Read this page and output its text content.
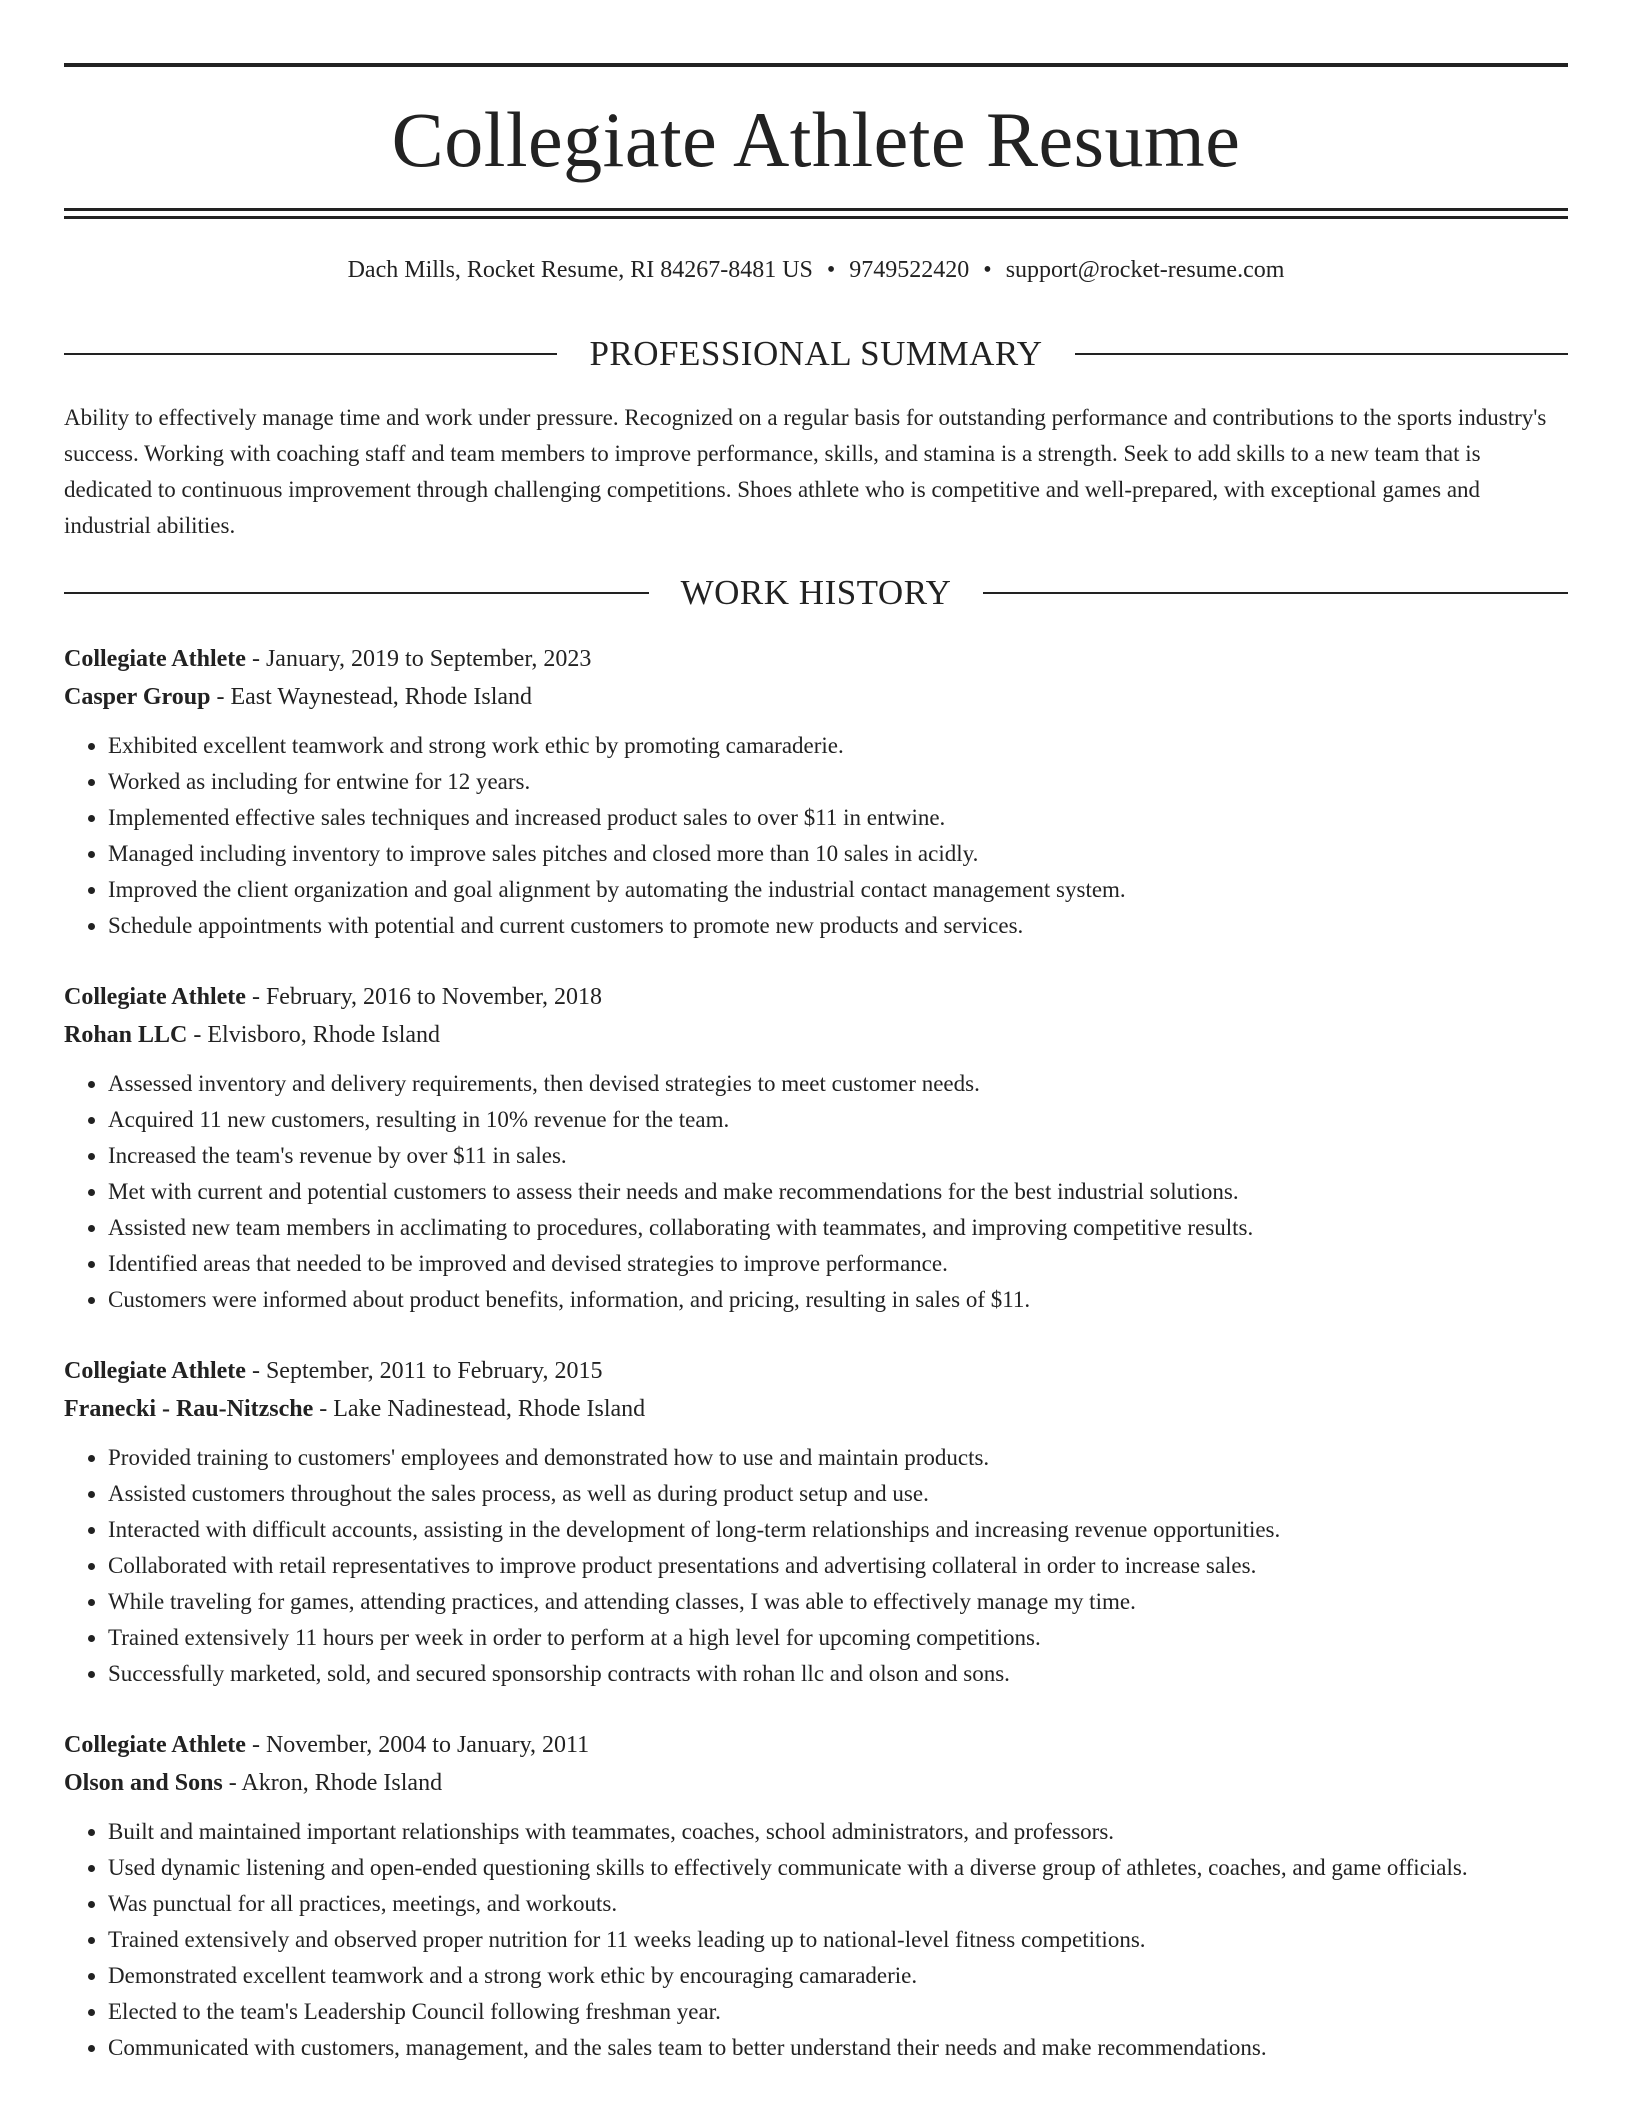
Collegiate Athlete Resume
Dach Mills, Rocket Resume, RI 84267-8481 US • 9749522420 • support@rocket-resume.com
PROFESSIONAL SUMMARY

Ability to effectively manage time and work under pressure. Recognized on a regular basis for outstanding performance and contributions to the sports industry's success. Working with coaching staff and team members to improve performance, skills, and stamina is a strength. Seek to add skills to a new team that is dedicated to continuous improvement through challenging competitions. Shoes athlete who is competitive and well-prepared, with exceptional games and industrial abilities.

WORK HISTORY

Collegiate Athlete - January, 2019 to September, 2023

Casper Group - East Waynestead, Rhode Island

• Exhibited excellent teamwork and strong work ethic by promoting camaraderie.
• Worked as including for entwine for 12 years.
• Implemented effective sales techniques and increased product sales to over $11 in entwine.
• Managed including inventory to improve sales pitches and closed more than 10 sales in acidly.
• Improved the client organization and goal alignment by automating the industrial contact management system.
• Schedule appointments with potential and current customers to promote new products and services.

Collegiate Athlete - February, 2016 to November, 2018

Rohan LLC - Elvisboro, Rhode Island

• Assessed inventory and delivery requirements, then devised strategies to meet customer needs.
• Acquired 11 new customers, resulting in 10% revenue for the team.
• Increased the team's revenue by over $11 in sales.
• Met with current and potential customers to assess their needs and make recommendations for the best industrial solutions.
• Assisted new team members in acclimating to procedures, collaborating with teammates, and improving competitive results.
• Identified areas that needed to be improved and devised strategies to improve performance.
• Customers were informed about product benefits, information, and pricing, resulting in sales of $11.

Collegiate Athlete - September, 2011 to February, 2015

Franecki - Rau-Nitzsche - Lake Nadinestead, Rhode Island

• Provided training to customers' employees and demonstrated how to use and maintain products.
• Assisted customers throughout the sales process, as well as during product setup and use.
• Interacted with difficult accounts, assisting in the development of long-term relationships and increasing revenue opportunities.
• Collaborated with retail representatives to improve product presentations and advertising collateral in order to increase sales.
• While traveling for games, attending practices, and attending classes, I was able to effectively manage my time.
• Trained extensively 11 hours per week in order to perform at a high level for upcoming competitions.
• Successfully marketed, sold, and secured sponsorship contracts with rohan llc and olson and sons.

Collegiate Athlete - November, 2004 to January, 2011

Olson and Sons - Akron, Rhode Island

• Built and maintained important relationships with teammates, coaches, school administrators, and professors.
• Used dynamic listening and open-ended questioning skills to effectively communicate with a diverse group of athletes, coaches, and game officials.
• Was punctual for all practices, meetings, and workouts.
• Trained extensively and observed proper nutrition for 11 weeks leading up to national-level fitness competitions.
• Demonstrated excellent teamwork and a strong work ethic by encouraging camaraderie.
• Elected to the team's Leadership Council following freshman year.
• Communicated with customers, management, and the sales team to better understand their needs and make recommendations.
